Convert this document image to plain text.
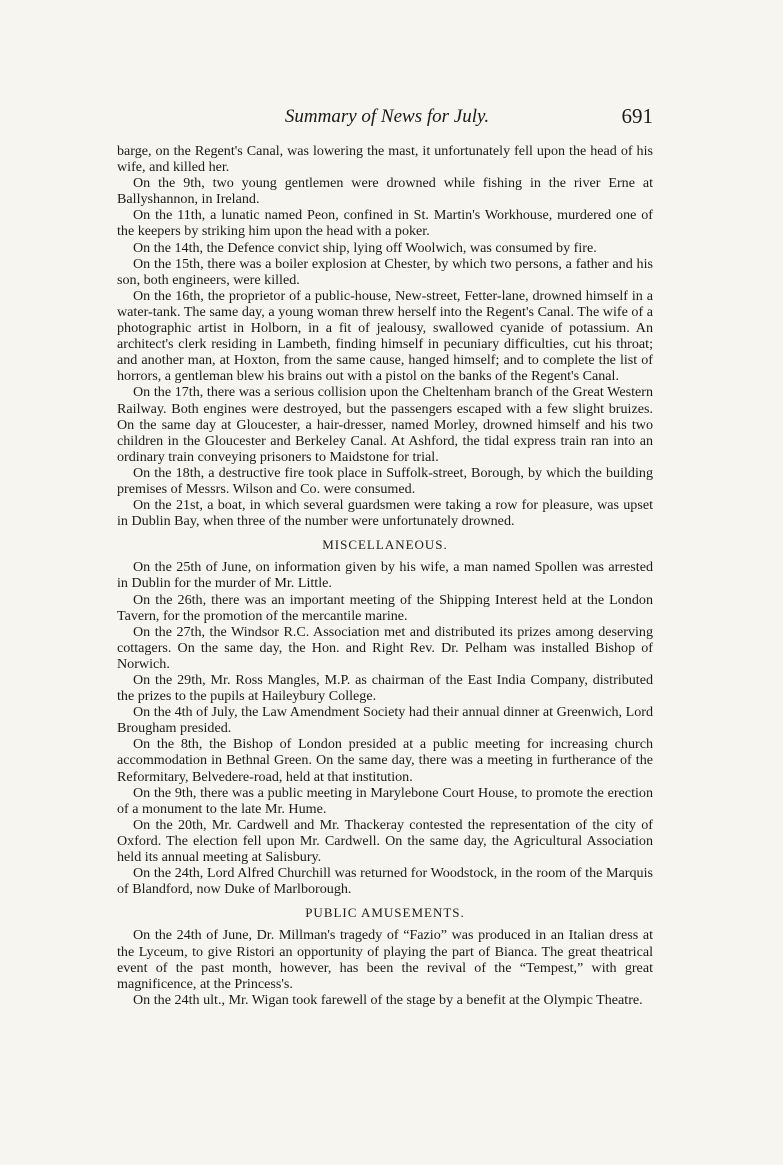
Summary of News for July.	691

barge, on the Regent's Canal, was lowering the mast, it unfortunately fell upon the head of his wife, and killed her.

On the 9th, two young gentlemen were drowned while fishing in the river Erne at Ballyshannon, in Ireland.

On the 11th, a lunatic named Peon, confined in St. Martin's Workhouse, murdered one of the keepers by striking him upon the head with a poker.

On the 14th, the Defence convict ship, lying off Woolwich, was consumed by fire.

On the 15th, there was a boiler explosion at Chester, by which two persons, a father and his son, both engineers, were killed.

On the 16th, the proprietor of a public-house, New-street, Fetter-lane, drowned himself in a water-tank. The same day, a young woman threw herself into the Regent's Canal. The wife of a photographic artist in Holborn, in a fit of jealousy, swallowed cyanide of potassium. An architect's clerk residing in Lambeth, finding himself in pecuniary difficulties, cut his throat; and another man, at Hoxton, from the same cause, hanged himself; and to complete the list of horrors, a gentleman blew his brains out with a pistol on the banks of the Regent's Canal.

On the 17th, there was a serious collision upon the Cheltenham branch of the Great Western Railway. Both engines were destroyed, but the passengers escaped with a few slight bruizes. On the same day at Gloucester, a hair-dresser, named Morley, drowned himself and his two children in the Gloucester and Berkeley Canal. At Ashford, the tidal express train ran into an ordinary train conveying prisoners to Maidstone for trial.

On the 18th, a destructive fire took place in Suffolk-street, Borough, by which the building premises of Messrs. Wilson and Co. were consumed.

On the 21st, a boat, in which several guardsmen were taking a row for pleasure, was upset in Dublin Bay, when three of the number were unfortunately drowned.

MISCELLANEOUS.

On the 25th of June, on information given by his wife, a man named Spollen was arrested in Dublin for the murder of Mr. Little.

On the 26th, there was an important meeting of the Shipping Interest held at the London Tavern, for the promotion of the mercantile marine.

On the 27th, the Windsor R.C. Association met and distributed its prizes among deserving cottagers. On the same day, the Hon. and Right Rev. Dr. Pelham was installed Bishop of Norwich.

On the 29th, Mr. Ross Mangles, M.P. as chairman of the East India Company, distributed the prizes to the pupils at Haileybury College.

On the 4th of July, the Law Amendment Society had their annual dinner at Greenwich, Lord Brougham presided.

On the 8th, the Bishop of London presided at a public meeting for increasing church accommodation in Bethnal Green. On the same day, there was a meeting in furtherance of the Reformitary, Belvedere-road, held at that institution.

On the 9th, there was a public meeting in Marylebone Court House, to promote the erection of a monument to the late Mr. Hume.

On the 20th, Mr. Cardwell and Mr. Thackeray contested the representation of the city of Oxford. The election fell upon Mr. Cardwell. On the same day, the Agricultural Association held its annual meeting at Salisbury.

On the 24th, Lord Alfred Churchill was returned for Woodstock, in the room of the Marquis of Blandford, now Duke of Marlborough.

PUBLIC AMUSEMENTS.

On the 24th of June, Dr. Millman's tragedy of “Fazio” was produced in an Italian dress at the Lyceum, to give Ristori an opportunity of playing the part of Bianca. The great theatrical event of the past month, however, has been the revival of the “Tempest,” with great magnificence, at the Princess's.

On the 24th ult., Mr. Wigan took farewell of the stage by a benefit at the Olympic Theatre.
